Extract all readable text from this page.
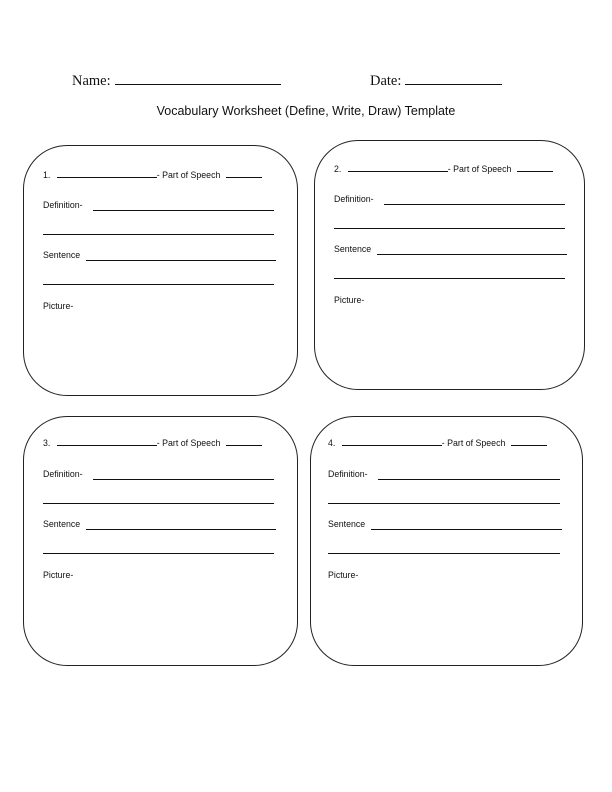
Name:	Date:
Vocabulary Worksheet (Define, Write, Draw) Template
1.	- Part of Speech
Definition-
Sentence
Picture-
2.	- Part of Speech
Definition-
Sentence
Picture-
3.	- Part of Speech
Definition-
Sentence
Picture-
4.	- Part of Speech
Definition-
Sentence
Picture-
